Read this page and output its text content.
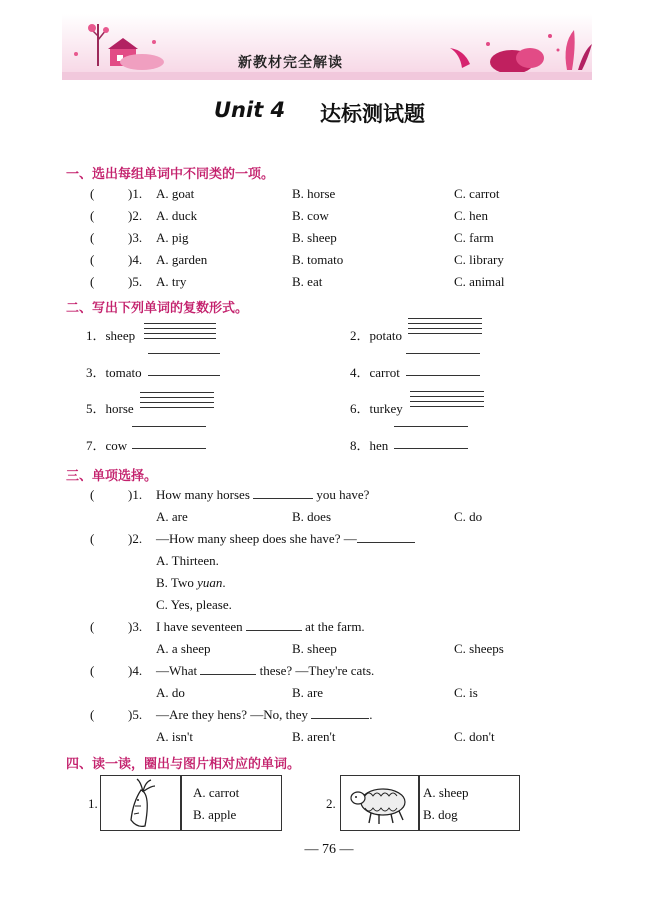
新教材完全解读
Unit 4 达标测试题
一、选出每组单词中不同类的一项。
(	)1. A. goat	B. horse	C. carrot
(	)2. A. duck	B. cow	C. hen
(	)3. A. pig	B. sheep	C. farm
(	)4. A. garden	B. tomato	C. library
(	)5. A. try	B. eat	C. animal
二、写出下列单词的复数形式。
1．sheep	2．potato
3．tomato	4．carrot
5．horse	6．turkey
7．cow	8．hen
三、单项选择。
(	)1. How many horses	you have?
A. are	B. does	C. do
(	)2. —How many sheep does she have? —
A. Thirteen.
B. Two yuan.
C. Yes, please.
(	)3. I have seventeen	at the farm.
A. a sheep	B. sheep	C. sheeps
(	)4. —What	these? —They're cats.
A. do	B. are	C. is
(	)5. —Are they hens? —No, they	.
A. isn't	B. aren't	C. don't
四、读一读，圈出与图片相对应的单词。
1.
A. carrot
B. apple
2.
A. sheep
B. dog
— 76 —
